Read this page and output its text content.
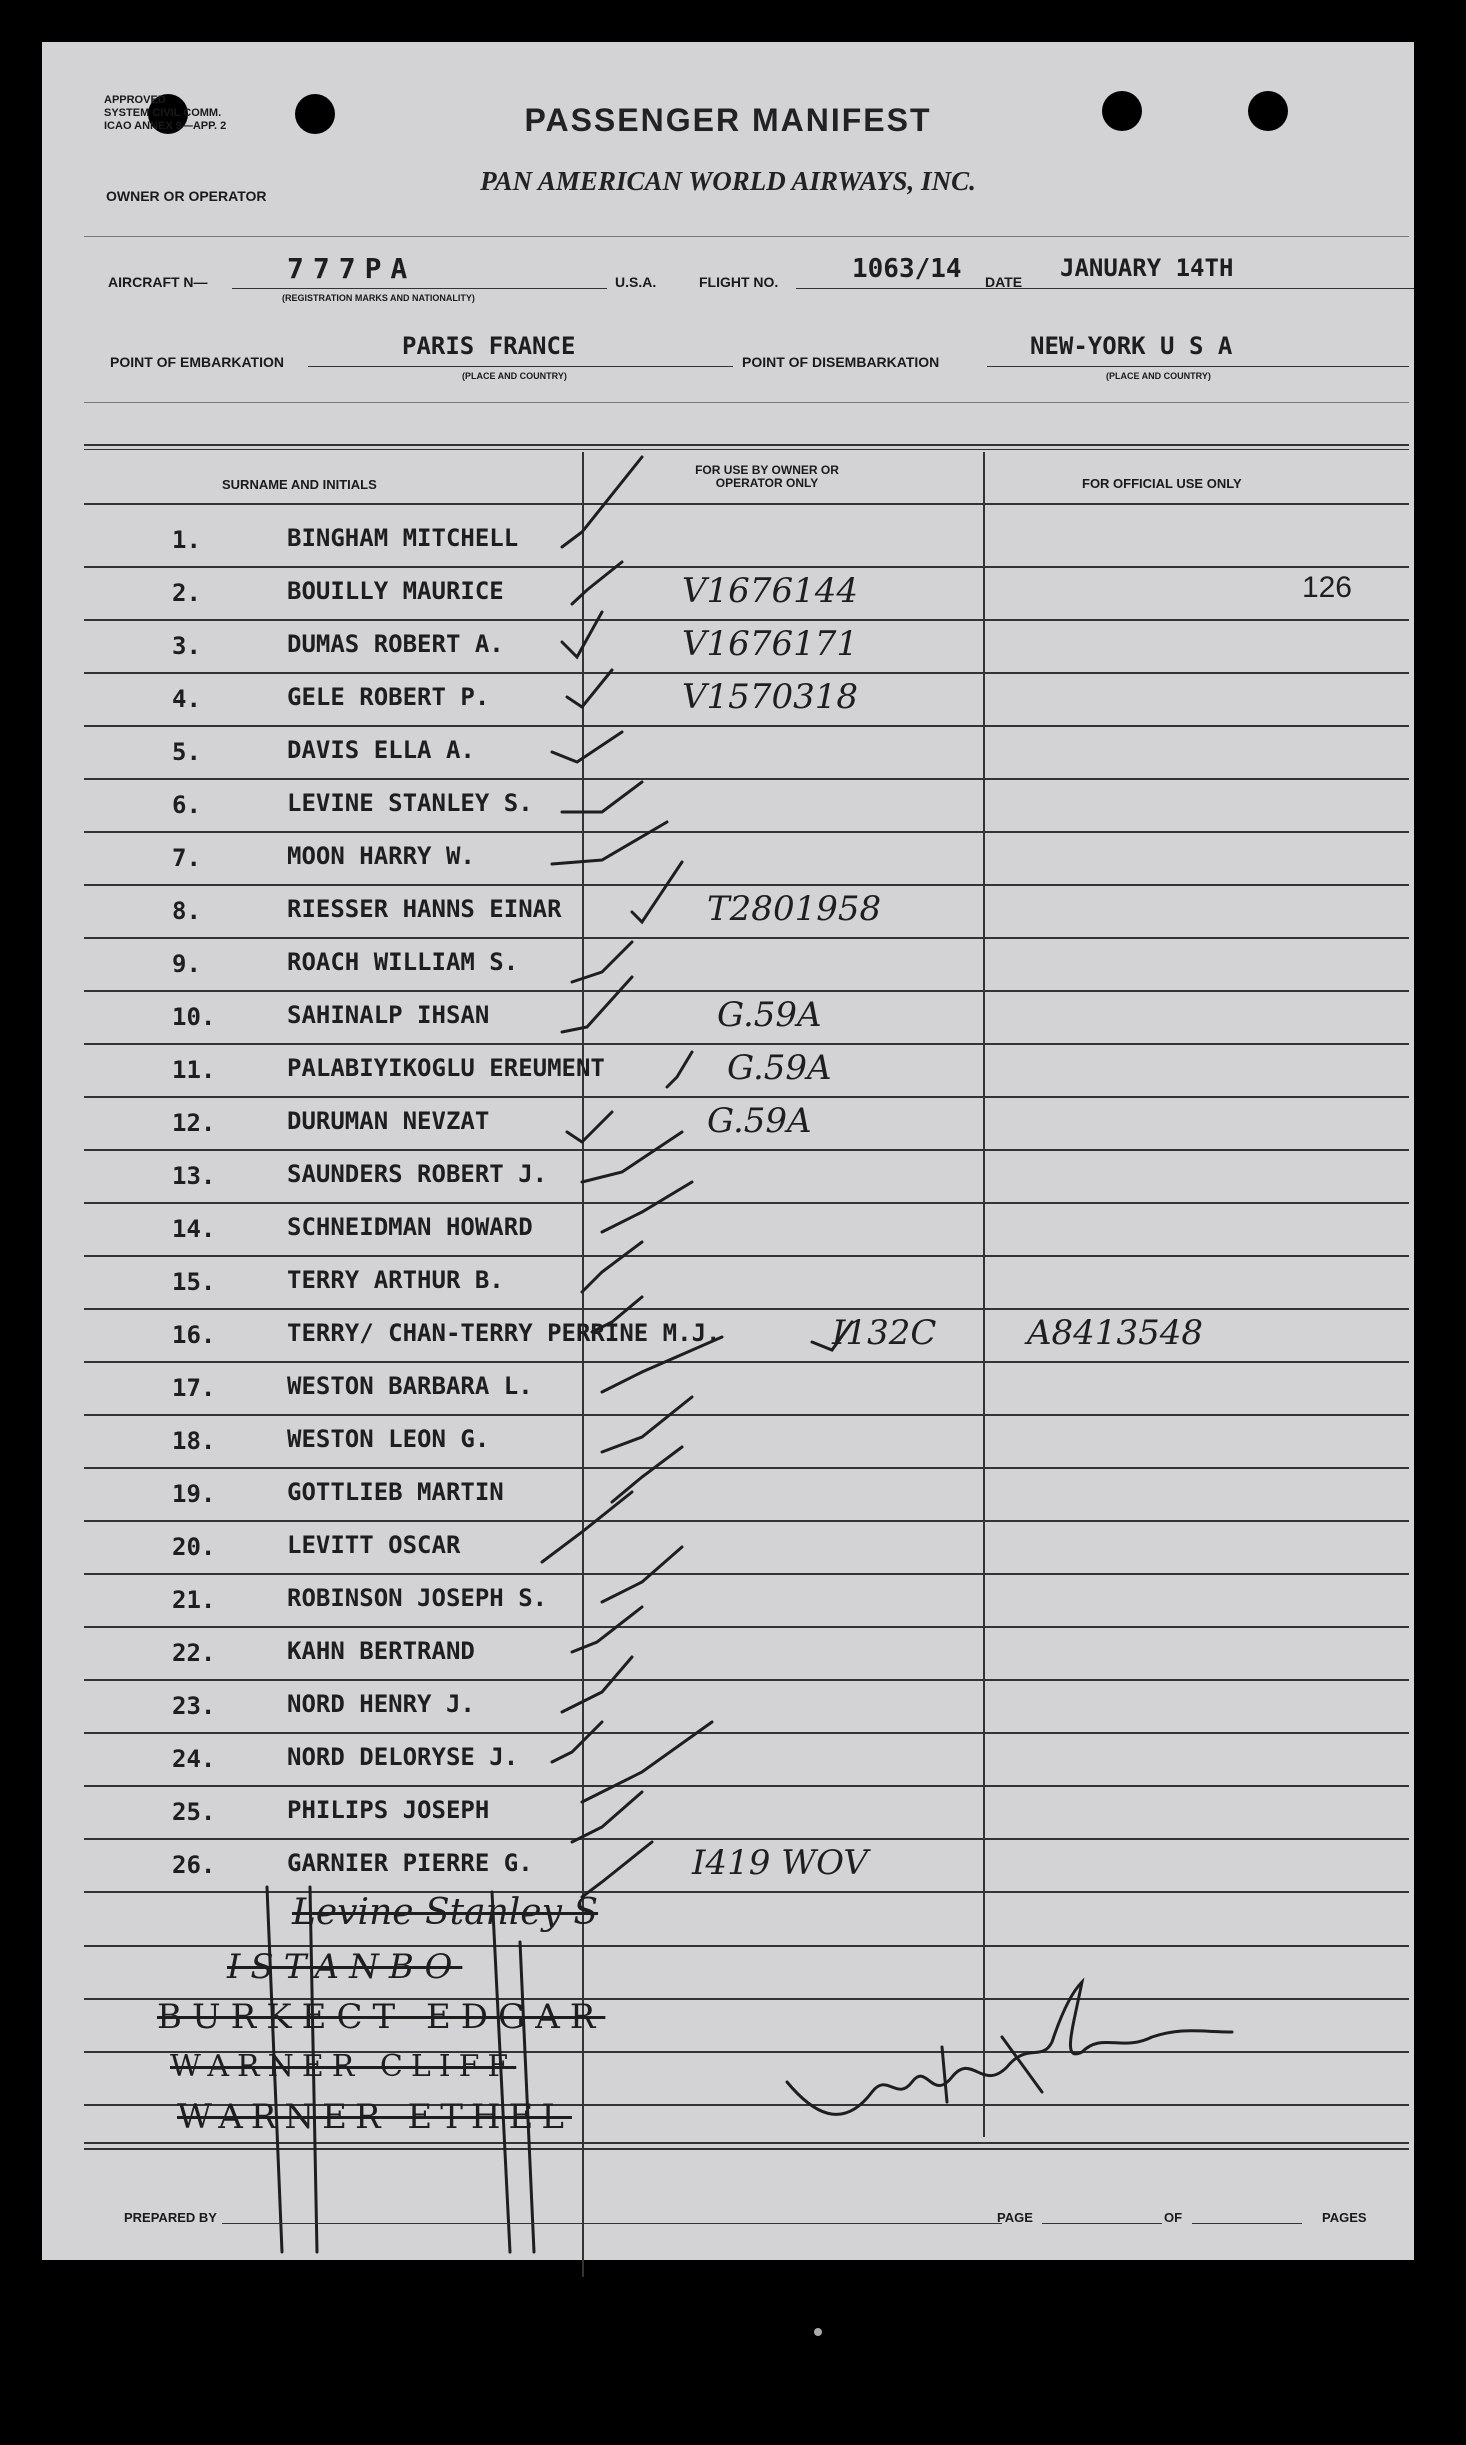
APPROVED
SYSTEM CIVIL COMM.
ICAO ANNEX 9—APP. 2
OWNER OR OPERATOR
PASSENGER MANIFEST
PAN AMERICAN WORLD AIRWAYS, INC.
AIRCRAFT N—	777PA
(REGISTRATION MARKS AND NATIONALITY)
U.S.A.	FLIGHT NO.	1063/14 DATE JANUARY 14TH
POINT OF EMBARKATION
PARIS FRANCE
(PLACE AND COUNTRY)
POINT OF DISEMBARKATION
NEW-YORK U S A
(PLACE AND COUNTRY)
SURNAME AND INITIALS
FOR USE BY OWNER OR OPERATOR ONLY	FOR OFFICIAL USE ONLY
1.	BINGHAM MITCHELL
2.	BOUILLY MAURICE	V1676144	126
3.	DUMAS ROBERT A.	V1676171
4.	GELE ROBERT P.	V1570318
5.	DAVIS ELLA A.
6.	LEVINE STANLEY S.
7.	MOON HARRY W.
8.	RIESSER HANNS EINAR	T2801958
9.	ROACH WILLIAM S.
10.	SAHINALP IHSAN	G.59A
11.	PALABIYIKOGLU EREUMENT	G.59A
12.	DURUMAN NEVZAT	G.59A
13.	SAUNDERS ROBERT J.
14.	SCHNEIDMAN HOWARD
15.	TERRY ARTHUR B.
16.	TERRY/ CHAN-TERRY PERRINE M.J.	I132C	A8413548
17.	WESTON BARBARA L.
18.	WESTON LEON G.
19.	GOTTLIEB MARTIN
20.	LEVITT OSCAR
21.	ROBINSON JOSEPH S.
22.	KAHN BERTRAND
23.	NORD HENRY J.
24.	NORD DELORYSE J.
25.	PHILIPS JOSEPH
26.	GARNIER PIERRE G.	I419 WOV
Levine Stanley S
ISTANBO
BURKECT EDGAR
WARNER CLIFF
WARNER ETHEL
PREPARED BY	PAGE	OF	PAGES
